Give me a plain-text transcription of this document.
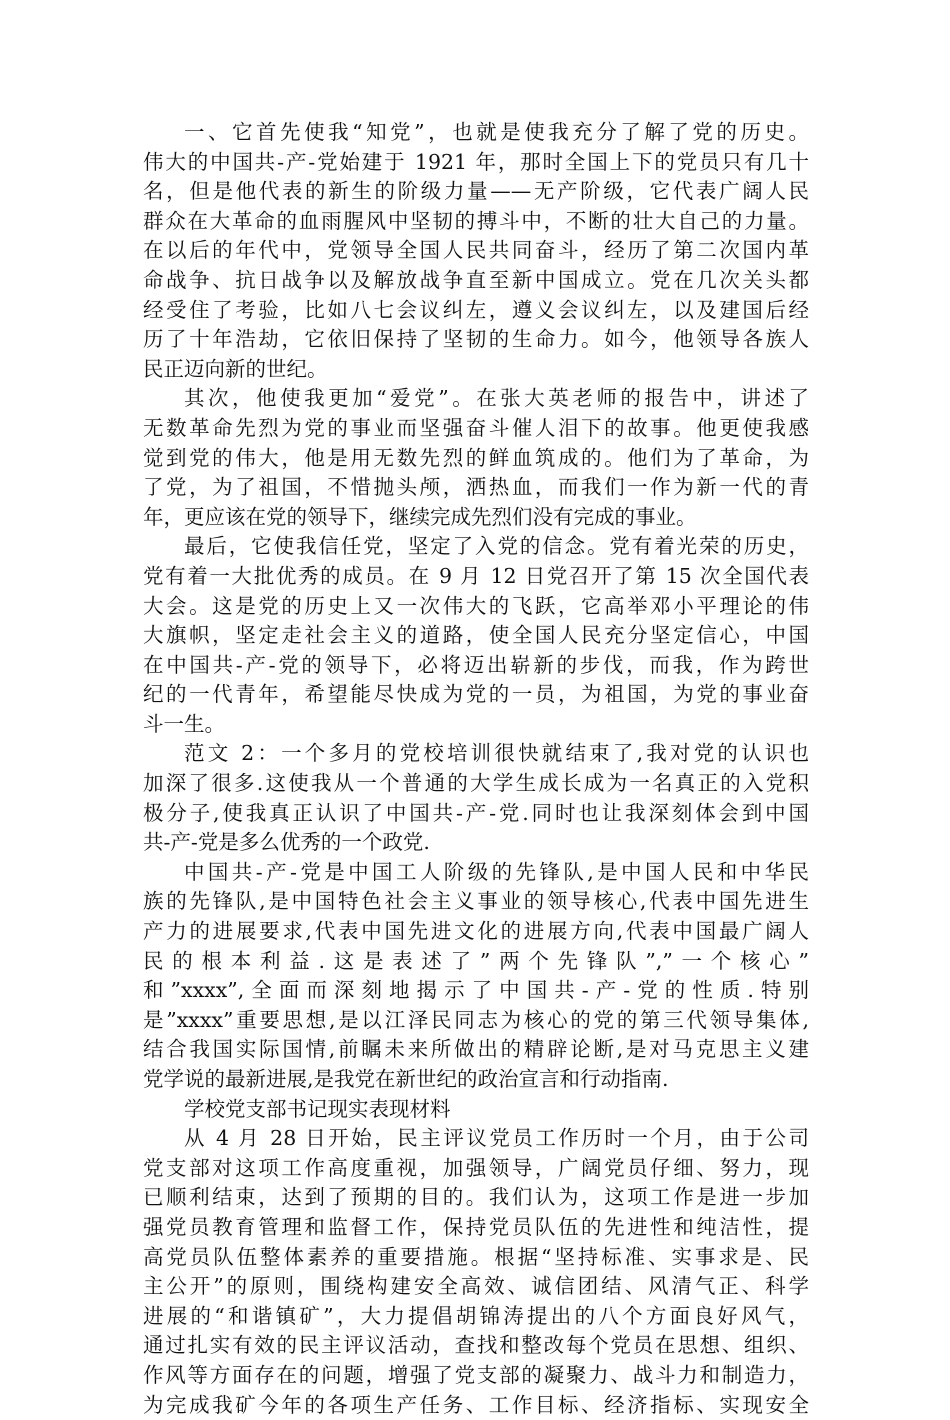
一、它首先使我“知党”，也就是使我充分了解了党的历史。
伟大的中国共-产-党始建于 1921 年，那时全国上下的党员只有几十
名，但是他代表的新生的阶级力量——无产阶级，它代表广阔人民
群众在大革命的血雨腥风中坚韧的搏斗中，不断的壮大自己的力量。
在以后的年代中，党领导全国人民共同奋斗，经历了第二次国内革
命战争、抗日战争以及解放战争直至新中国成立。党在几次关头都
经受住了考验，比如八七会议纠左，遵义会议纠左，以及建国后经
历了十年浩劫，它依旧保持了坚韧的生命力。如今，他领导各族人
民正迈向新的世纪。
其次，他使我更加“爱党”。在张大英老师的报告中，讲述了
无数革命先烈为党的事业而坚强奋斗催人泪下的故事。他更使我感
觉到党的伟大，他是用无数先烈的鲜血筑成的。他们为了革命，为
了党，为了祖国，不惜抛头颅，洒热血，而我们一作为新一代的青
年，更应该在党的领导下，继续完成先烈们没有完成的事业。
最后，它使我信任党，坚定了入党的信念。党有着光荣的历史，
党有着一大批优秀的成员。在 9 月 12 日党召开了第 15 次全国代表
大会。这是党的历史上又一次伟大的飞跃，它高举邓小平理论的伟
大旗帜，坚定走社会主义的道路，使全国人民充分坚定信心，中国
在中国共-产-党的领导下，必将迈出崭新的步伐，而我，作为跨世
纪的一代青年，希望能尽快成为党的一员，为祖国，为党的事业奋
斗一生。
范文 2：一个多月的党校培训很快就结束了,我对党的认识也
加深了很多.这使我从一个普通的大学生成长成为一名真正的入党积
极分子,使我真正认识了中国共-产-党.同时也让我深刻体会到中国
共-产-党是多么优秀的一个政党.
中国共-产-党是中国工人阶级的先锋队,是中国人民和中华民
族的先锋队,是中国特色社会主义事业的领导核心,代表中国先进生
产力的进展要求,代表中国先进文化的进展方向,代表中国最广阔人
民的根本利益.这是表述了”两个先锋队”,”一个核心”
和”xxxx”,全面而深刻地揭示了中国共-产-党的性质.特别
是”xxxx”重要思想,是以江泽民同志为核心的党的第三代领导集体,
结合我国实际国情,前瞩未来所做出的精辟论断,是对马克思主义建
党学说的最新进展,是我党在新世纪的政治宣言和行动指南.
学校党支部书记现实表现材料
从 4 月 28 日开始，民主评议党员工作历时一个月，由于公司
党支部对这项工作高度重视，加强领导，广阔党员仔细、努力，现
已顺利结束，达到了预期的目的。我们认为，这项工作是进一步加
强党员教育管理和监督工作，保持党员队伍的先进性和纯洁性，提
高党员队伍整体素养的重要措施。根据“坚持标准、实事求是、民
主公开”的原则，围绕构建安全高效、诚信团结、风清气正、科学
进展的“和谐镇矿”，大力提倡胡锦涛提出的八个方面良好风气，
通过扎实有效的民主评议活动，查找和整改每个党员在思想、组织、
作风等方面存在的问题，增强了党支部的凝聚力、战斗力和制造力，
为完成我矿今年的各项生产任务、工作目标、经济指标、实现安全
